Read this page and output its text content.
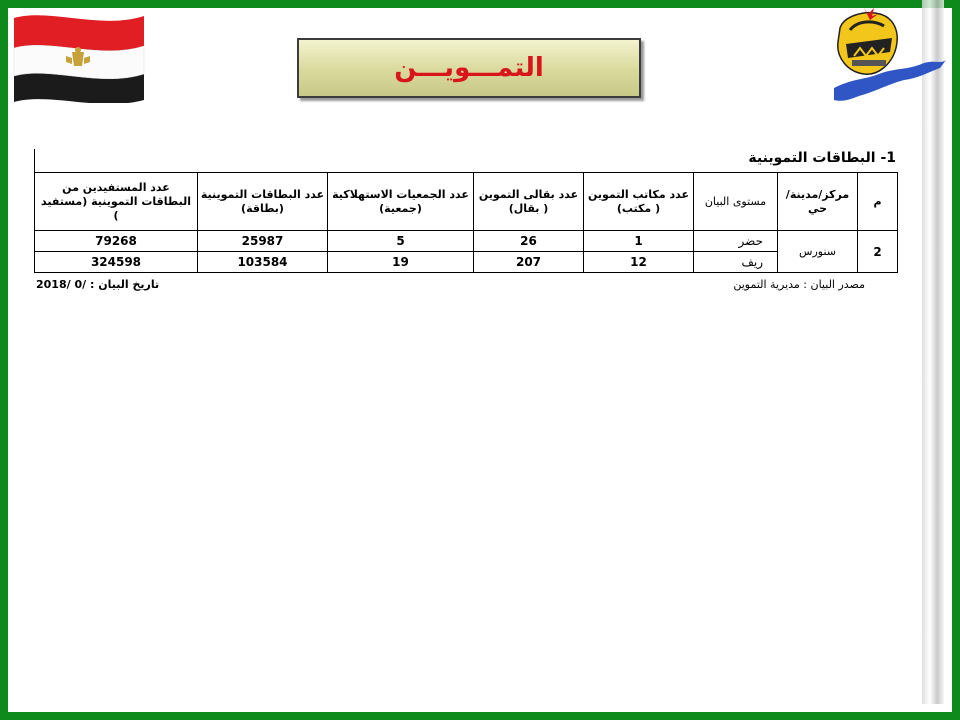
التمـــويـــن
1- البطاقات التموينية
م	مركز/مدينة/حي	مستوى البيان	عدد مكاتب التموين ( مكتب)	عدد بقالى التموين ( بقال)	عدد الجمعيات الاستهلاكية (جمعية)	عدد البطاقات التموينية (بطاقة)	عدد المستفيدين من البطاقات التموينية (مستفيد )
2	سنورس	حضر	1	26	5	25987	79268
		ريف	12	207	19	103584	324598
تاريخ البيان : /0 /2018	مصدر البيان : مديرية التموين
